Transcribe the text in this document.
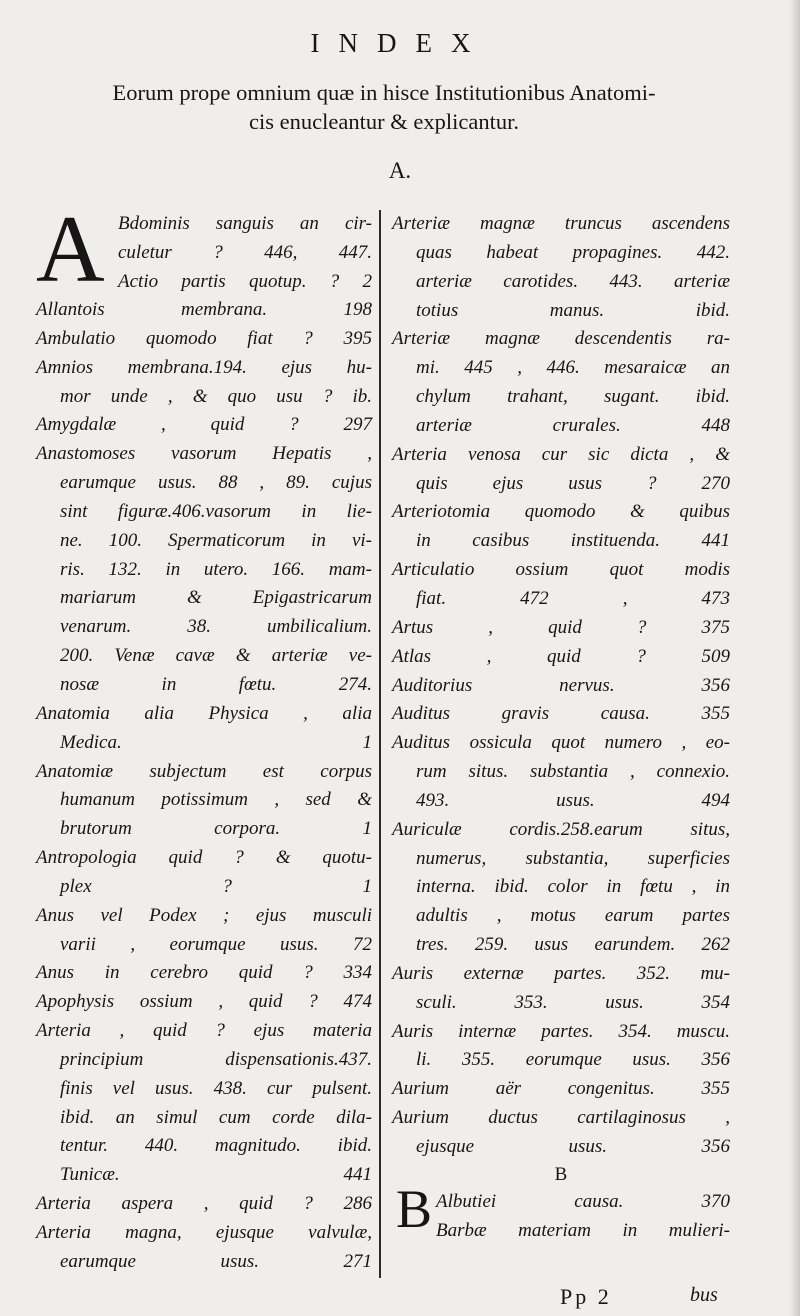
INDEX
Eorum prope omnium quæ in hisce Institutionibus Anatomi-
cis enucleantur & explicantur.
A.
A Bdominis sanguis an cir-
culetur ? 446, 447.
Actio partis quotup. ? 2
Allantois membrana. 198
Ambulatio quomodo fiat ? 395
Amnios membrana.194. ejus hu-
mor unde , & quo usu ? ib.
Amygdalæ , quid ? 297
Anastomoses vasorum Hepatis ,
earumque usus. 88 , 89. cujus
sint figuræ.406.vasorum in lie-
ne. 100. Spermaticorum in vi-
ris. 132. in utero. 166. mam-
mariarum & Epigastricarum
venarum. 38. umbilicalium.
200. Venæ cavæ & arteriæ ve-
nosæ in fœtu. 274.
Anatomia alia Physica , alia
Medica. 1
Anatomiæ subjectum est corpus
humanum potissimum , sed &
brutorum corpora. 1
Antropologia quid ? & quotu-
plex ? 1
Anus vel Podex ; ejus musculi
varii , eorumque usus. 72
Anus in cerebro quid ? 334
Apophysis ossium , quid ? 474
Arteria , quid ? ejus materia
principium dispensationis.437.
finis vel usus. 438. cur pulsent.
ibid. an simul cum corde dila-
tentur. 440. magnitudo. ibid.
Tunicæ. 441
Arteria aspera , quid ? 286
Arteria magna, ejusque valvulæ,
earumque usus. 271
Arteriæ magnæ truncus ascendens
quas habeat propagines. 442.
arteriæ carotides. 443. arteriæ
totius manus. ibid.
Arteriæ magnæ descendentis ra-
mi. 445 , 446. mesaraicæ an
chylum trahant, sugant. ibid.
arteriæ crurales. 448
Arteria venosa cur sic dicta , &
quis ejus usus ? 270
Arteriotomia quomodo & quibus
in casibus instituenda. 441
Articulatio ossium quot modis
fiat. 472 , 473
Artus , quid ? 375
Atlas , quid ? 509
Auditorius nervus. 356
Auditus gravis causa. 355
Auditus ossicula quot numero , eo-
rum situs. substantia , connexio.
493. usus. 494
Auriculæ cordis.258.earum situs,
numerus, substantia, superficies
interna. ibid. color in fœtu , in
adultis , motus earum partes
tres. 259. usus earundem. 262
Auris externæ partes. 352. mu-
sculi. 353. usus. 354
Auris internæ partes. 354. muscu.
li. 355. eorumque usus. 356
Aurium aër congenitus. 355
Aurium ductus cartilaginosus ,
ejusque usus. 356
B
B Albutiei causa. 370
Barbæ materiam in mulieri-
Pp 2	bus
